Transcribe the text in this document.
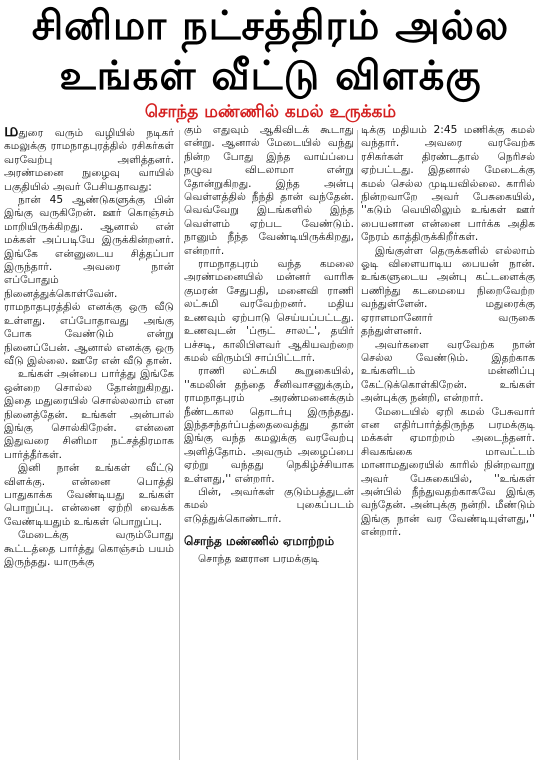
சினிமா நட்சத்திரம் அல்ல
உங்கள் வீட்டு விளக்கு
சொந்த மண்ணில் கமல் உருக்கம்

மதுரை வரும் வழியில் நடிகர் கமலுக்கு ராமநாதபுரத்தில் ரசிகர்கள் வரவேற்பு அளித்தனர். அரண்மனை நுழைவு வாயில் பகுதியில் அவர் பேசியதாவது:

நான் 45 ஆண்டுகளுக்கு பின் இங்கு வருகிறேன். ஊர் கொஞ்சம் மாறியிருக்கிறது. ஆனால் என் மக்கள் அப்படியே இருக்கின்றனர். இங்கே என்னுடைய சித்தப்பா இருந்தார். அவரை நான் எப்போதும் நினைத்துக்கொள்வேன். ராமநாதபுரத்தில் எனக்கு ஒரு வீடு உள்ளது. எப்போதாவது அங்கு போக வேண்டும் என்று நினைப்பேன். ஆனால் எனக்கு ஒரு வீடு இல்லை. ஊரே என் வீடு தான்.

உங்கள் அன்பை பார்த்து இங்கே ஒன்றை சொல்ல தோன்றுகிறது. இதை மதுரையில் சொல்லலாம் என நினைத்தேன். உங்கள் அன்பால் இங்கு சொல்கிறேன். என்னை இதுவரை சினிமா நட்சத்திரமாக பார்த்தீர்கள்.

இனி நான் உங்கள் வீட்டு விளக்கு. என்னை பொத்தி பாதுகாக்க வேண்டியது உங்கள் பொறுப்பு. என்னை ஏற்றி வைக்க வேண்டியதும் உங்கள் பொறுப்பு.

மேடைக்கு வரும்போது கூட்டத்தை பார்த்து கொஞ்சம் பயம் இருந்தது. யாருக்கு

கும் எதுவும் ஆகிவிடக் கூடாது என்று. ஆனால் மேடையில் வந்து நின்ற போது இந்த வாய்ப்பை நழுவ விடலாமா என்று தோன்றுகிறது. இந்த அன்பு வெள்ளத்தில் நீந்தி தான் வந்தேன். வெவ்வேறு இடங்களில் இந்த வெள்ளம் ஏற்பட வேண்டும். நானும் நீந்த வேண்டியிருக்கிறது, என்றார்.

ராமநாதபுரம் வந்த கமலை அரண்மனையில் மன்னர் வாரிசு குமரன் சேதுபதி, மனைவி ராணி லட்சுமி வரவேற்றனர். மதிய உணவும் ஏற்பாடு செய்யப்பட்டது. உணவுடன் 'ப்ரூட் சாலட்', தயிர் பச்சடி, காலிபிளவர் ஆகியவற்றை கமல் விரும்பி சாப்பிட்டார்.

ராணி லட்சுமி கூறுகையில், ''கமலின் தந்தை சீனிவாசனுக்கும், ராமநாதபுரம் அரண்மனைக்கும் நீண்டகால தொடர்பு இருந்தது. இந்தசந்தர்ப்பத்தைவைத்து தான் இங்கு வந்த கமலுக்கு வரவேற்பு அளித்தோம். அவரும் அழைப்பை ஏற்று வந்தது நெகிழ்ச்சியாக உள்ளது,'' என்றார்.

பின், அவர்கள் குடும்பத்துடன் கமல் புகைப்படம் எடுத்துக்கொண்டார்.

சொந்த மண்ணில் ஏமாற்றம்

சொந்த ஊரான பரமக்குடி

டிக்கு மதியம் 2:45 மணிக்கு கமல் வந்தார். அவரை வரவேற்க ரசிகர்கள் திரண்டதால் நெரிசல் ஏற்பட்டது. இதனால் மேடைக்கு கமல் செல்ல முடியவில்லை. காரில் நின்றவாறே அவர் பேசுகையில், ''கடும் வெயிலிலும் உங்கள் ஊர் பையனான என்னை பார்க்க அதிக நேரம் காத்திருக்கிறீர்கள்.

இங்குள்ள தெருக்களில் எல்லாம் ஓடி விளையாடிய பையன் நான். உங்களுடைய அன்பு கட்டளைக்கு பணிந்து கடமையை நிறைவேற்ற வந்துள்ளேன். மதுரைக்கு ஏராளமானோர் வருகை தந்துள்ளனர்.

அவர்களை வரவேற்க நான் செல்ல வேண்டும். இதற்காக உங்களிடம் மன்னிப்பு கேட்டுக்கொள்கிறேன். உங்கள் அன்புக்கு நன்றி, என்றார்.

மேடையில் ஏறி கமல் பேசுவார் என எதிர்பார்த்திருந்த பரமக்குடி மக்கள் ஏமாற்றம் அடைந்தனர். சிவகங்கை மாவட்டம் மானாமதுரையில் காரில் நின்றவாறு அவர் பேசுகையில், ''உங்கள் அன்பில் நீந்துவதற்காகவே இங்கு வந்தேன். அன்புக்கு நன்றி. மீண்டும் இங்கு நான் வர வேண்டியுள்ளது,'' என்றார்.
